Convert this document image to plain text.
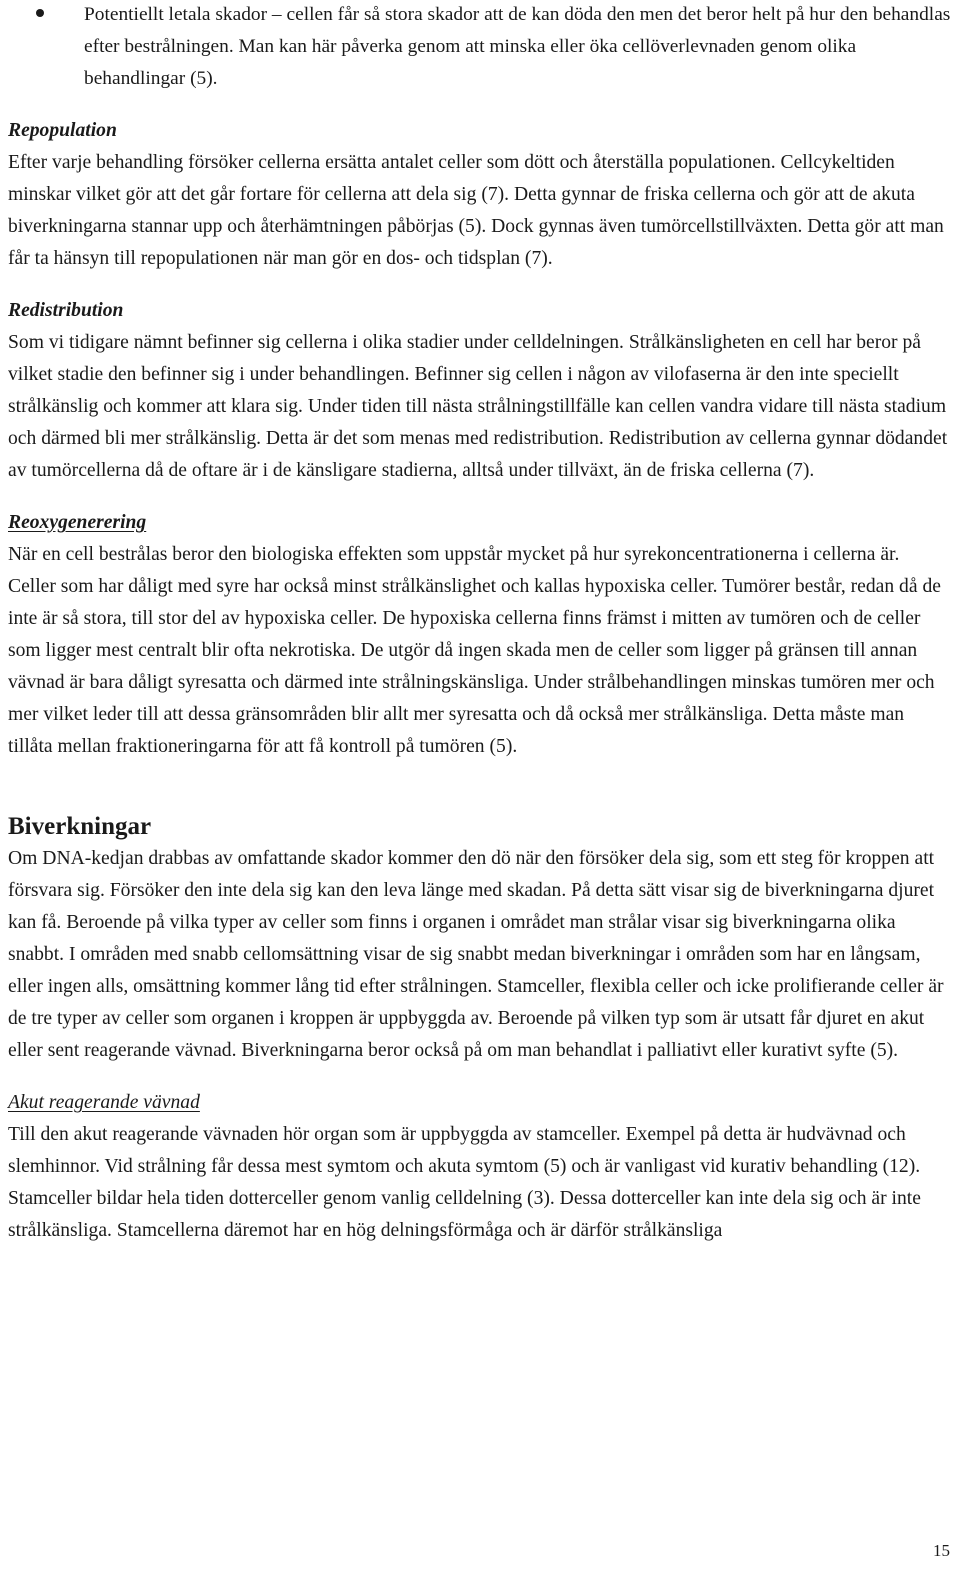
Potentiellt letala skador – cellen får så stora skador att de kan döda den men det beror helt på hur den behandlas efter bestrålningen. Man kan här påverka genom att minska eller öka cellöverlevnaden genom olika behandlingar (5).
Repopulation
Efter varje behandling försöker cellerna ersätta antalet celler som dött och återställa populationen. Cellcykeltiden minskar vilket gör att det går fortare för cellerna att dela sig (7). Detta gynnar de friska cellerna och gör att de akuta biverkningarna stannar upp och återhämtningen påbörjas (5). Dock gynnas även tumörcellstillväxten. Detta gör att man får ta hänsyn till repopulationen när man gör en dos- och tidsplan (7).
Redistribution
Som vi tidigare nämnt befinner sig cellerna i olika stadier under celldelningen. Strålkänsligheten en cell har beror på vilket stadie den befinner sig i under behandlingen. Befinner sig cellen i någon av vilofaserna är den inte speciellt strålkänslig och kommer att klara sig. Under tiden till nästa strålningstillfälle kan cellen vandra vidare till nästa stadium och därmed bli mer strålkänslig. Detta är det som menas med redistribution. Redistribution av cellerna gynnar dödandet av tumörcellerna då de oftare är i de känsligare stadierna, alltså under tillväxt, än de friska cellerna (7).
Reoxygenerering
När en cell bestrålas beror den biologiska effekten som uppstår mycket på hur syrekoncentrationerna i cellerna är. Celler som har dåligt med syre har också minst strålkänslighet och kallas hypoxiska celler. Tumörer består, redan då de inte är så stora, till stor del av hypoxiska celler. De hypoxiska cellerna finns främst i mitten av tumören och de celler som ligger mest centralt blir ofta nekrotiska. De utgör då ingen skada men de celler som ligger på gränsen till annan vävnad är bara dåligt syresatta och därmed inte strålningskänsliga. Under strålbehandlingen minskas tumören mer och mer vilket leder till att dessa gränsområden blir allt mer syresatta och då också mer strålkänsliga. Detta måste man tillåta mellan fraktioneringarna för att få kontroll på tumören (5).
Biverkningar
Om DNA-kedjan drabbas av omfattande skador kommer den dö när den försöker dela sig, som ett steg för kroppen att försvara sig. Försöker den inte dela sig kan den leva länge med skadan. På detta sätt visar sig de biverkningarna djuret kan få. Beroende på vilka typer av celler som finns i organen i området man strålar visar sig biverkningarna olika snabbt. I områden med snabb cellomsättning visar de sig snabbt medan biverkningar i områden som har en långsam, eller ingen alls, omsättning kommer lång tid efter strålningen. Stamceller, flexibla celler och icke prolifierande celler är de tre typer av celler som organen i kroppen är uppbyggda av. Beroende på vilken typ som är utsatt får djuret en akut eller sent reagerande vävnad. Biverkningarna beror också på om man behandlat i palliativt eller kurativt syfte (5).
Akut reagerande vävnad
Till den akut reagerande vävnaden hör organ som är uppbyggda av stamceller. Exempel på detta är hudvävnad och slemhinnor. Vid strålning får dessa mest symtom och akuta symtom (5) och är vanligast vid kurativ behandling (12). Stamceller bildar hela tiden dotterceller genom vanlig celldelning (3). Dessa dotterceller kan inte dela sig och är inte strålkänsliga. Stamcellerna däremot har en hög delningsförmåga och är därför strålkänsliga
15
